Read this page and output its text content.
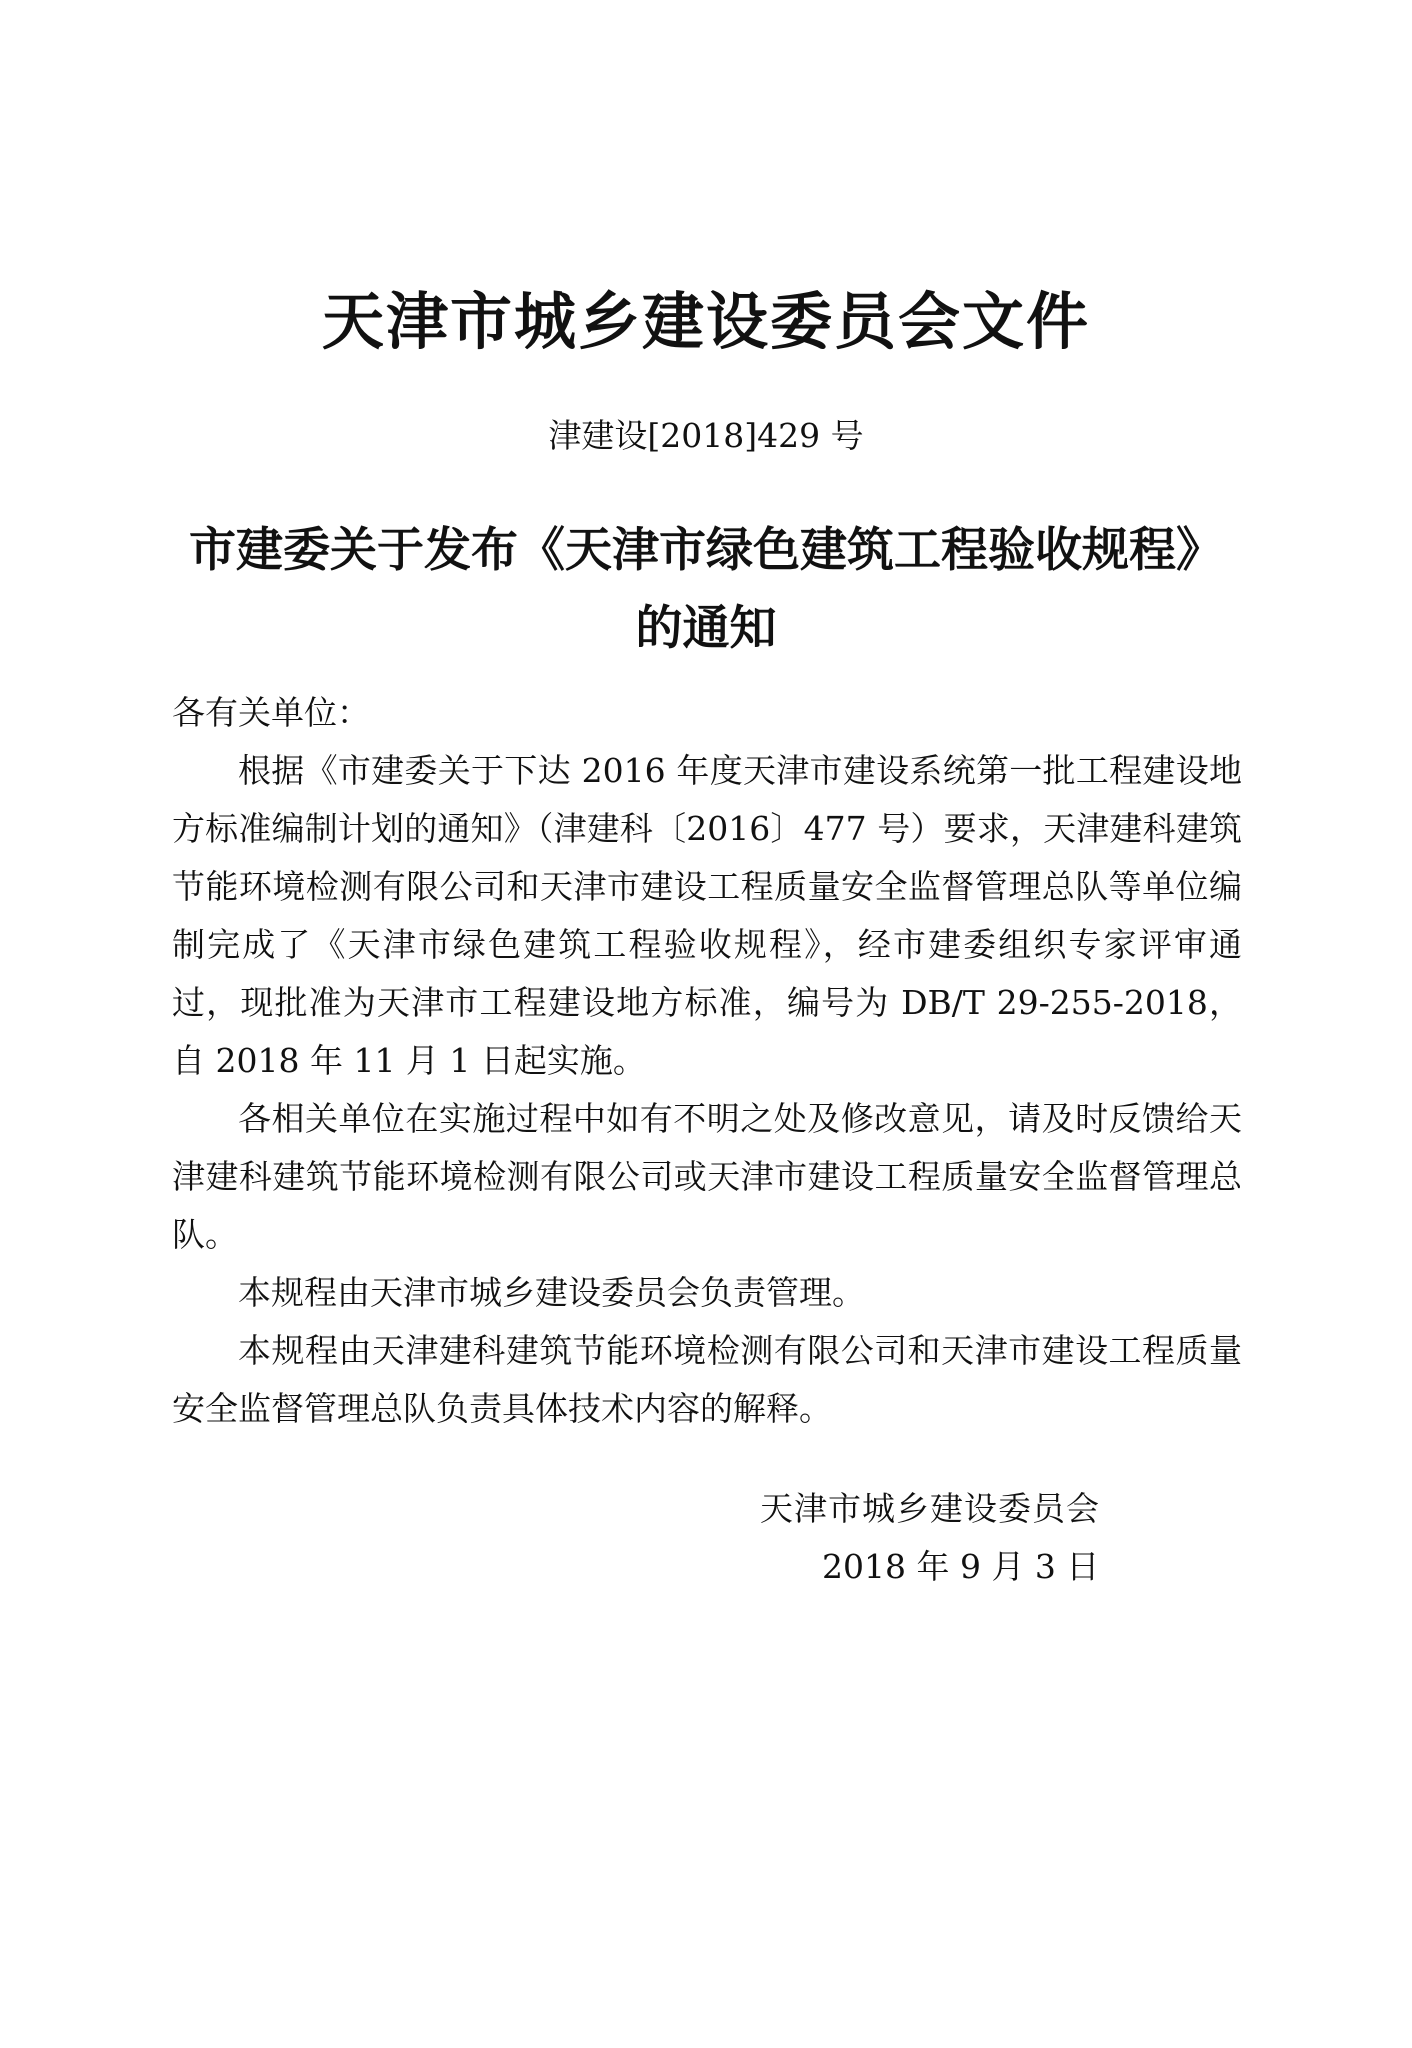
天津市城乡建设委员会文件
津建设[2018]429 号
市建委关于发布《天津市绿色建筑工程验收规程》
的通知

各有关单位：

根据《市建委关于下达 2016 年度天津市建设系统第一批工程建设地方标准编制计划的通知》（津建科〔2016〕477 号）要求，天津建科建筑节能环境检测有限公司和天津市建设工程质量安全监督管理总队等单位编制完成了《天津市绿色建筑工程验收规程》，经市建委组织专家评审通过，现批准为天津市工程建设地方标准，编号为 DB/T 29-255-2018，自 2018 年 11 月 1 日起实施。

各相关单位在实施过程中如有不明之处及修改意见，请及时反馈给天津建科建筑节能环境检测有限公司或天津市建设工程质量安全监督管理总队。

本规程由天津市城乡建设委员会负责管理。

本规程由天津建科建筑节能环境检测有限公司和天津市建设工程质量安全监督管理总队负责具体技术内容的解释。

天津市城乡建设委员会
2018 年 9 月 3 日
